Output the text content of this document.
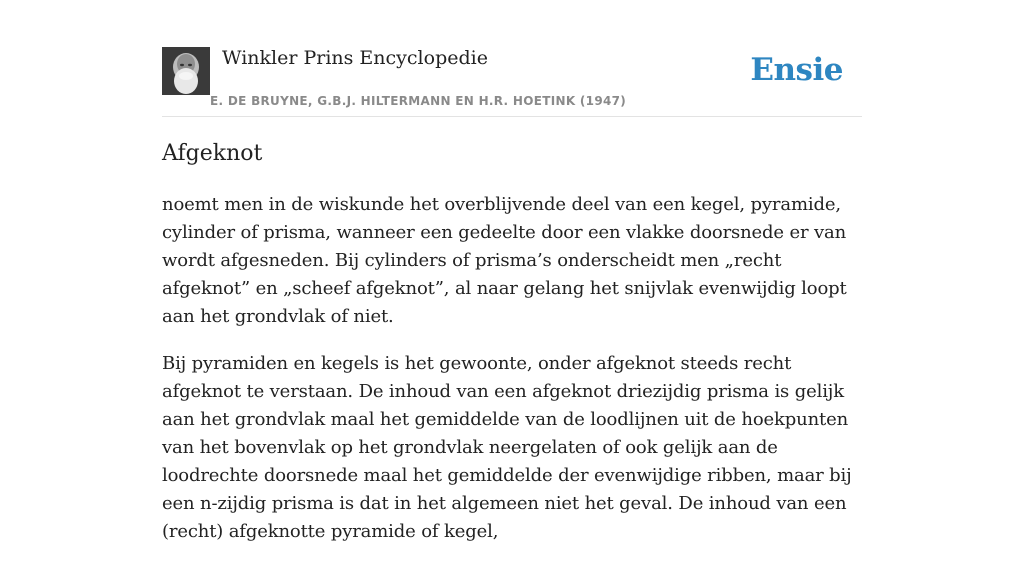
Winkler Prins Encyclopedie
E. DE BRUYNE, G.B.J. HILTERMANN EN H.R. HOETINK (1947)
Ensie
Afgeknot

noemt men in de wiskunde het overblijvende deel van een kegel, pyramide, cylinder of prisma, wanneer een gedeelte door een vlakke doorsnede er van wordt afgesneden. Bij cylinders of prisma’s onderscheidt men „recht afgeknot” en „scheef afgeknot”, al naar gelang het snijvlak evenwijdig loopt aan het grondvlak of niet.

Bij pyramiden en kegels is het gewoonte, onder afgeknot steeds recht afgeknot te verstaan. De inhoud van een afgeknot driezijdig prisma is gelijk aan het grondvlak maal het gemiddelde van de loodlijnen uit de hoekpunten van het bovenvlak op het grondvlak neergelaten of ook gelijk aan de loodrechte doorsnede maal het gemiddelde der evenwijdige ribben, maar bij een n-zijdig prisma is dat in het algemeen niet het geval. De inhoud van een (recht) afgeknotte pyramide of kegel,
